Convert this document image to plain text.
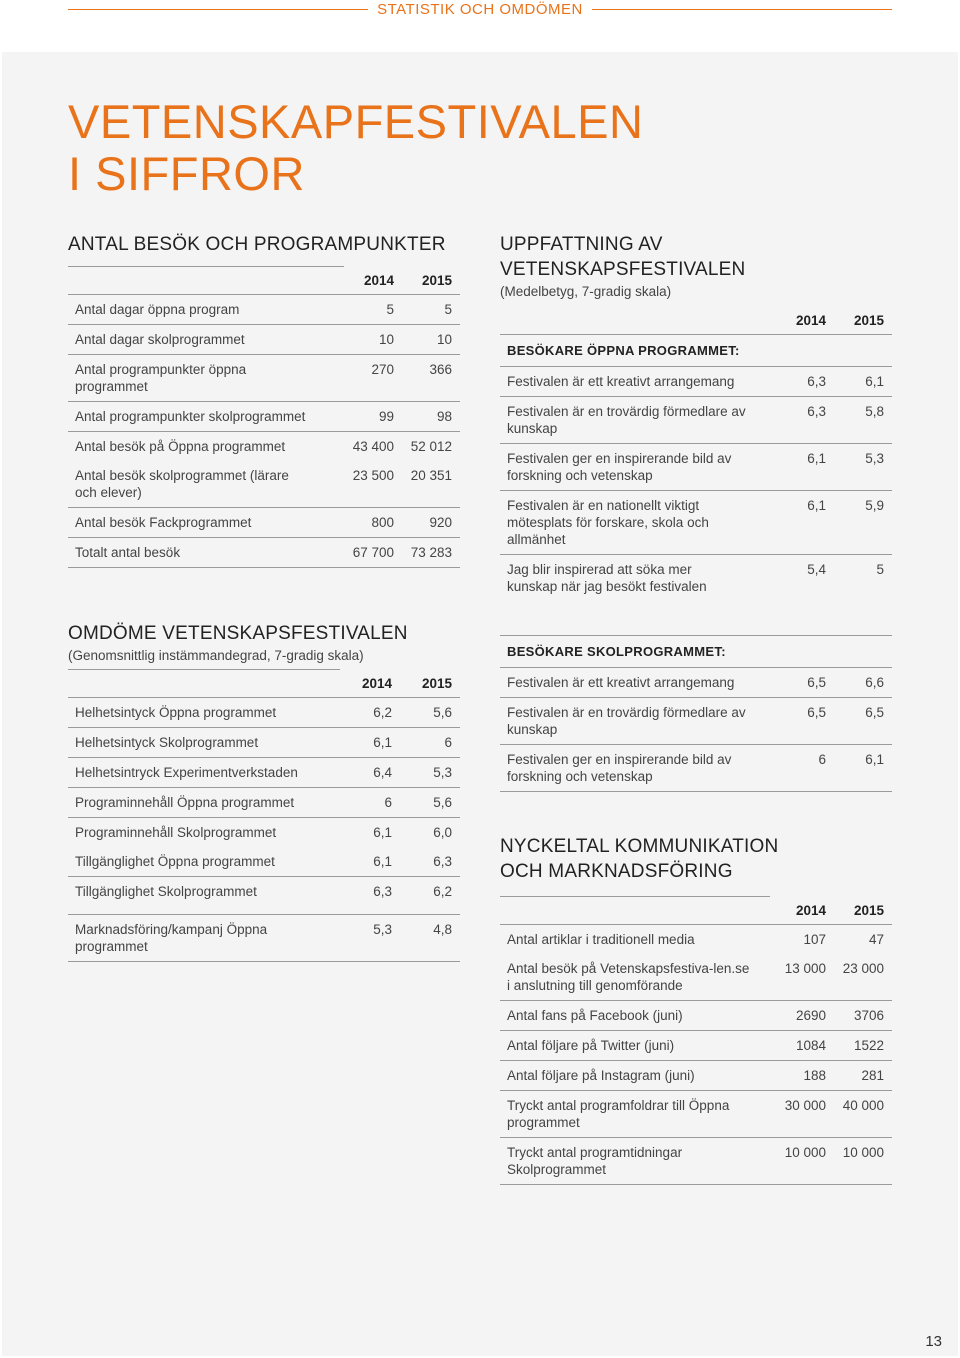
STATISTIK OCH OMDÖMEN
VETENSKAPFESTIVALEN
I SIFFROR
ANTAL BESÖK OCH PROGRAMPUNKTER
	2014	2015
Antal dagar öppna program	5	5
Antal dagar skolprogrammet	10	10
Antal programpunkter öppna programmet	270	366
Antal programpunkter skolprogrammet	99	98
Antal besök på Öppna programmet	43 400	52 012
Antal besök skolprogrammet (lärare och elever)	23 500	20 351
Antal besök Fackprogrammet	800	920
Totalt antal besök	67 700	73 283
OMDÖME VETENSKAPSFESTIVALEN

(Genomsnittlig instämmandegrad, 7-gradig skala)

	2014	2015
Helhetsintyck Öppna programmet	6,2	5,6
Helhetsintyck Skolprogrammet	6,1	6
Helhetsintryck Experimentverkstaden	6,4	5,3
Programinnehåll Öppna programmet	6	5,6
Programinnehåll Skolprogrammet	6,1	6,0
Tillgänglighet Öppna programmet	6,1	6,3
Tillgänglighet Skolprogrammet	6,3	6,2
Marknadsföring/kampanj Öppna programmet	5,3	4,8
UPPFATTNING AV
VETENSKAPSFESTIVALEN

(Medelbetyg, 7-gradig skala)

	2014	2015
BESÖKARE ÖPPNA PROGRAMMET:		
Festivalen är ett kreativt arrangemang	6,3	6,1
Festivalen är en trovärdig förmedlare av kunskap	6,3	5,8
Festivalen ger en inspirerande bild av forskning och vetenskap	6,1	5,3
Festivalen är en nationellt viktigt mötesplats för forskare, skola och allmänhet	6,1	5,9
Jag blir inspirerad att söka mer kunskap när jag besökt festivalen	5,4	5

BESÖKARE SKOLPROGRAMMET:		
Festivalen är ett kreativt arrangemang	6,5	6,6
Festivalen är en trovärdig förmedlare av kunskap	6,5	6,5
Festivalen ger en inspirerande bild av forskning och vetenskap	6	6,1
NYCKELTAL KOMMUNIKATION
OCH MARKNADSFÖRING
	2014	2015
Antal artiklar i traditionell media	107	47
Antal besök på Vetenskapsfestiva-len.se i anslutning till genomförande	13 000	23 000
Antal fans på Facebook (juni)	2690	3706
Antal följare på Twitter (juni)	1084	1522
Antal följare på Instagram (juni)	188	281
Tryckt antal programfoldrar till Öppna programmet	30 000	40 000
Tryckt antal programtidningar Skolprogrammet	10 000	10 000
13
